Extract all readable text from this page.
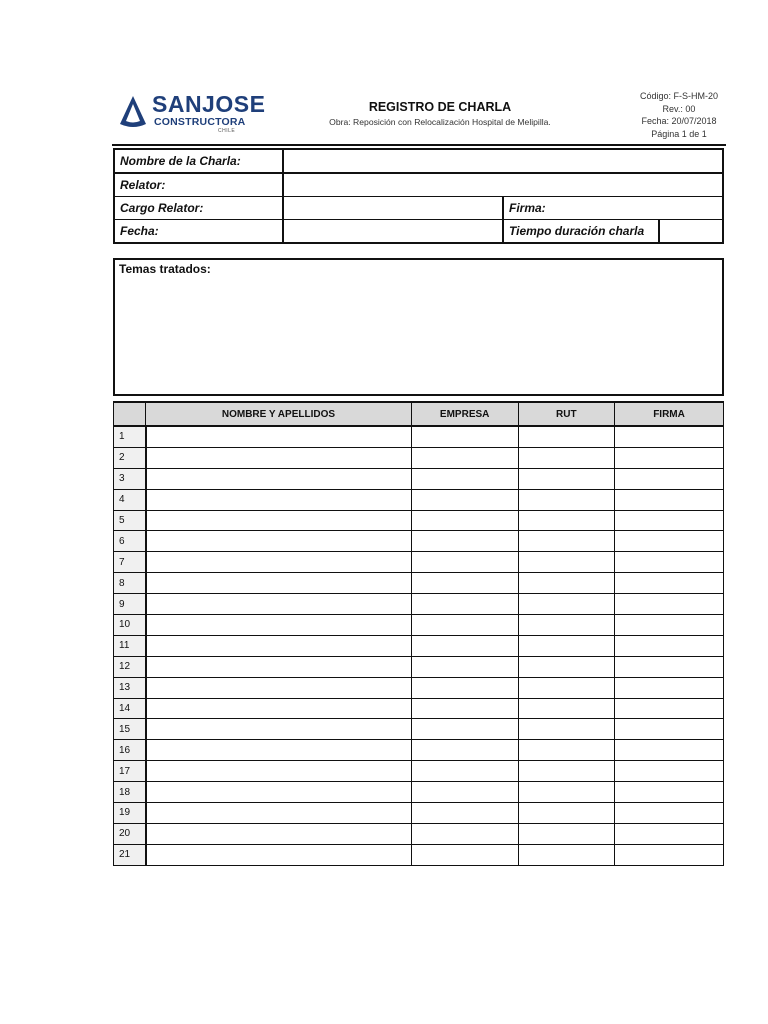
SANJOSE
CONSTRUCTORA
CHILE
REGISTRO DE CHARLA
Obra: Reposición con Relocalización Hospital de Melipilla.
Código: F-S-HM-20
Rev.: 00
Fecha: 20/07/2018
Página 1 de 1
Nombre de la Charla:			
Relator:			
Cargo Relator:		Firma:	
Fecha:		Tiempo duración charla	
Temas tratados:
	NOMBRE Y APELLIDOS	EMPRESA	RUT	FIRMA
1				
2				
3				
4				
5				
6				
7				
8				
9				
10				
11				
12				
13				
14				
15				
16				
17				
18				
19				
20				
21				
